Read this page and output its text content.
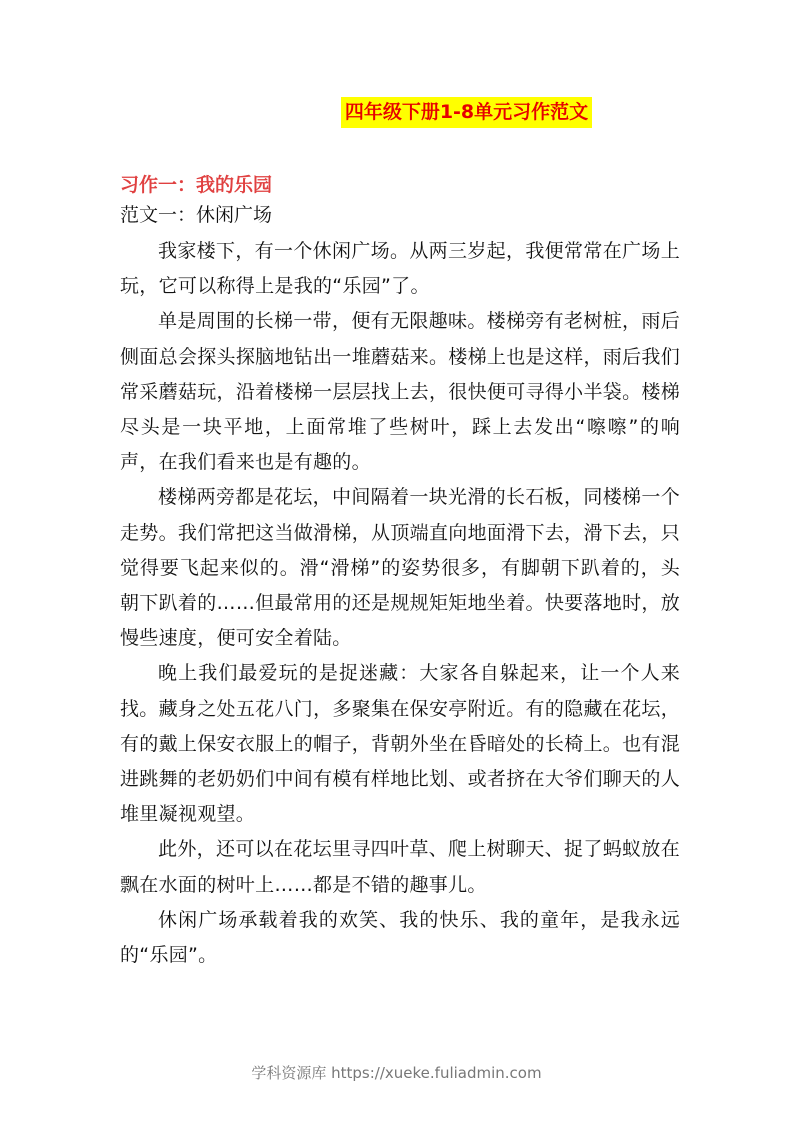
四年级下册1-8单元习作范文

习作一：我的乐园

范文一：休闲广场

我家楼下，有一个休闲广场。从两三岁起，我便常常在广场上玩，它可以称得上是我的“乐园”了。

单是周围的长梯一带，便有无限趣味。楼梯旁有老树桩，雨后侧面总会探头探脑地钻出一堆蘑菇来。楼梯上也是这样，雨后我们常采蘑菇玩，沿着楼梯一层层找上去，很快便可寻得小半袋。楼梯尽头是一块平地，上面常堆了些树叶，踩上去发出“嚓嚓”的响声，在我们看来也是有趣的。

楼梯两旁都是花坛，中间隔着一块光滑的长石板，同楼梯一个走势。我们常把这当做滑梯，从顶端直向地面滑下去，滑下去，只觉得要飞起来似的。滑“滑梯”的姿势很多，有脚朝下趴着的，头朝下趴着的……但最常用的还是规规矩矩地坐着。快要落地时，放慢些速度，便可安全着陆。

晚上我们最爱玩的是捉迷藏：大家各自躲起来，让一个人来找。藏身之处五花八门，多聚集在保安亭附近。有的隐藏在花坛，有的戴上保安衣服上的帽子，背朝外坐在昏暗处的长椅上。也有混进跳舞的老奶奶们中间有模有样地比划、或者挤在大爷们聊天的人堆里凝视观望。

此外，还可以在花坛里寻四叶草、爬上树聊天、捉了蚂蚁放在飘在水面的树叶上……都是不错的趣事儿。

休闲广场承载着我的欢笑、我的快乐、我的童年，是我永远的“乐园”。

学科资源库 https://xueke.fuliadmin.com
